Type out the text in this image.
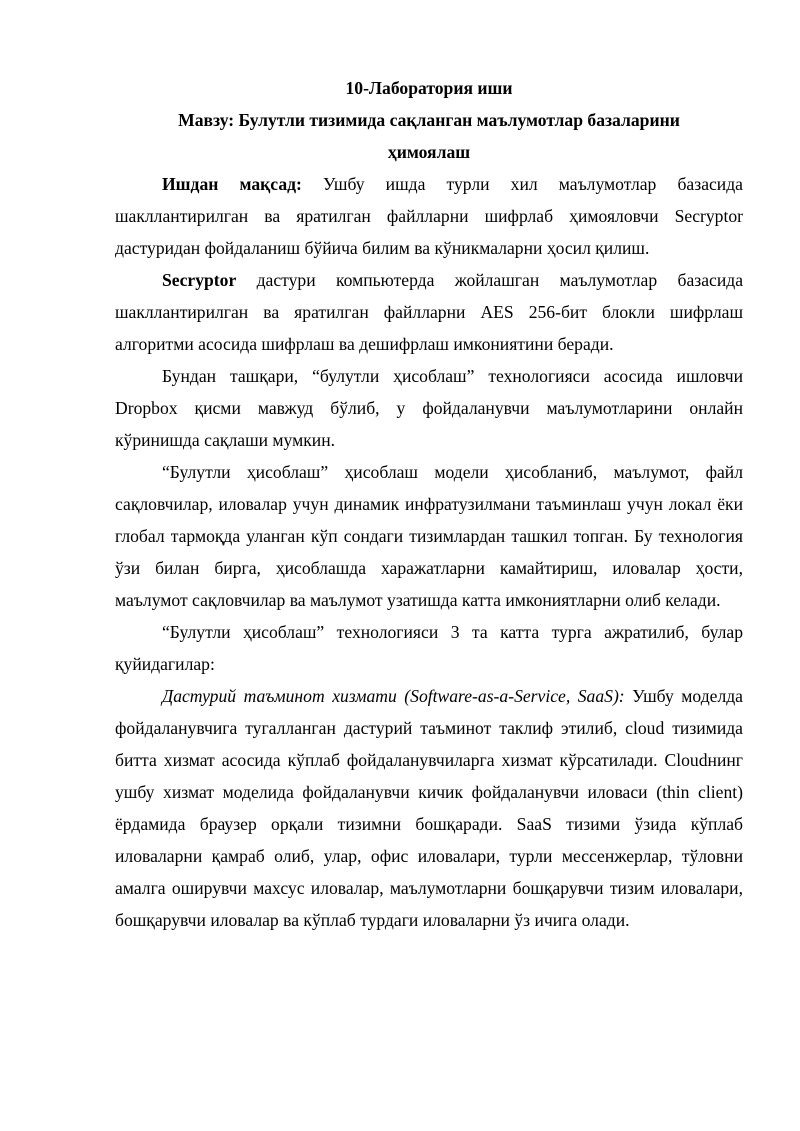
10-Лаборатория иши
Мавзу: Булутли тизимида сақланган маълумотлар базаларини
ҳимоялаш

Ишдан мақсад: Ушбу ишда турли хил маълумотлар базасида шакллантирилган ва яратилган файлларни шифрлаб ҳимояловчи Secryptor дастуридан фойдаланиш бўйича билим ва кўникмаларни ҳосил қилиш.

Secryptor дастури компьютерда жойлашган маълумотлар базасида шакллантирилган ва яратилган файлларни AES 256-бит блокли шифрлаш алгоритми асосида шифрлаш ва дешифрлаш имкониятини беради.

Бундан ташқари, “булутли ҳисоблаш” технологияси асосида ишловчи Dropbox қисми мавжуд бўлиб, у фойдаланувчи маълумотларини онлайн кўринишда сақлаши мумкин.

“Булутли ҳисоблаш” ҳисоблаш модели ҳисобланиб, маълумот, файл сақловчилар, иловалар учун динамик инфратузилмани таъминлаш учун локал ёки глобал тармоқда уланган кўп сондаги тизимлардан ташкил топган. Бу технология ўзи билан бирга, ҳисоблашда харажатларни камайтириш, иловалар ҳости, маълумот сақловчилар ва маълумот узатишда катта имкониятларни олиб келади.

“Булутли ҳисоблаш” технологияси 3 та катта турга ажратилиб, булар қуйидагилар:

Дастурий таъминот хизмати (Software-as-a-Service, SaaS): Ушбу моделда фойдаланувчига тугалланган дастурий таъминот таклиф этилиб, cloud тизимида битта хизмат асосида кўплаб фойдаланувчиларга хизмат кўрсатилади. Cloudнинг ушбу хизмат моделида фойдаланувчи кичик фойдаланувчи иловаси (thin client) ёрдамида браузер орқали тизимни бошқаради. SaaS тизими ўзида кўплаб иловаларни қамраб олиб, улар, офис иловалари, турли мессенжерлар, тўловни амалга оширувчи махсус иловалар, маълумотларни бошқарувчи тизим иловалари, бошқарувчи иловалар ва кўплаб турдаги иловаларни ўз ичига олади.
